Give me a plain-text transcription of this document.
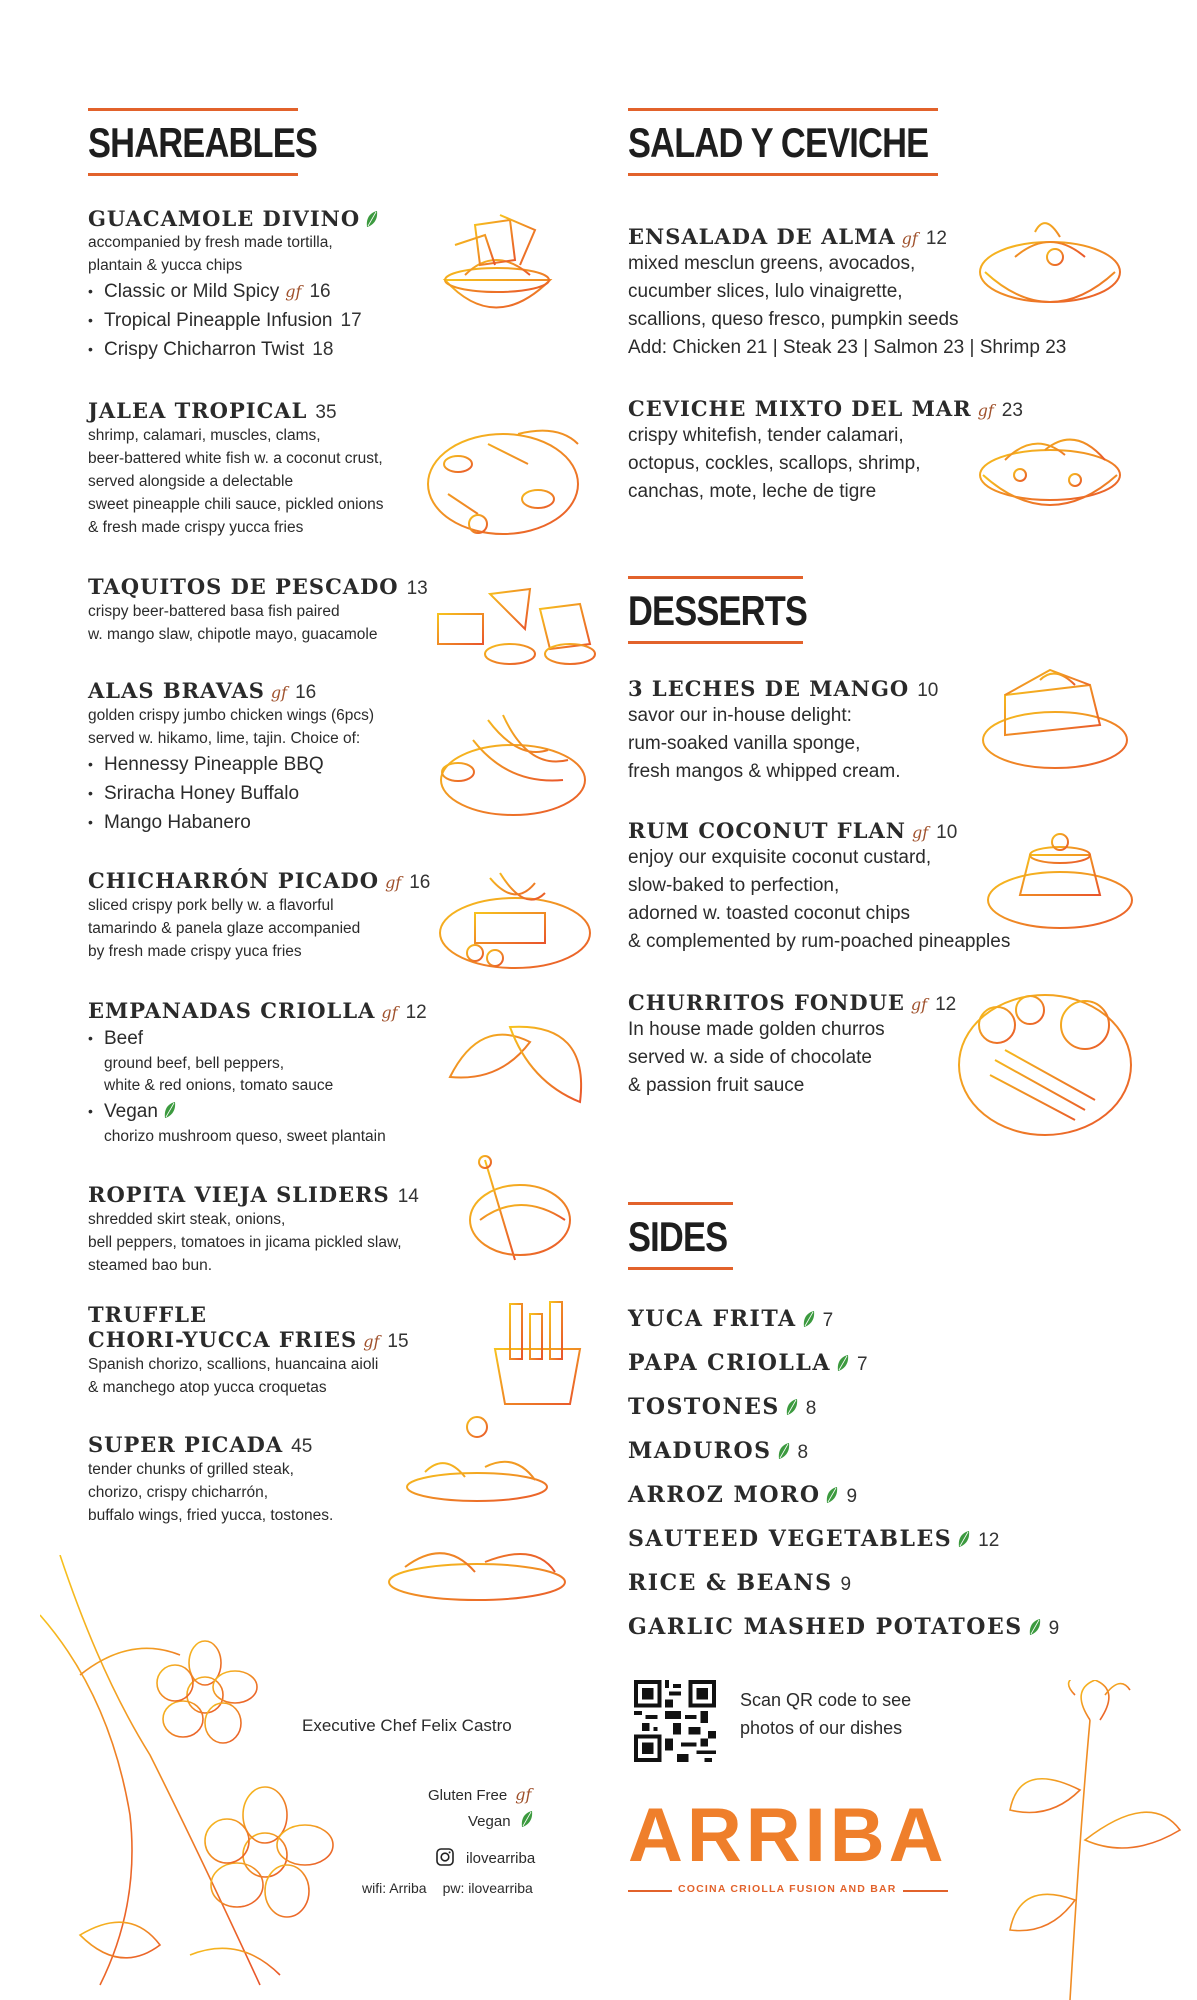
SHAREABLES
GUACAMOLE DIVINO
accompanied by fresh made tortilla, plantain & yucca chips
• Classic or Mild Spicy gf 16
• Tropical Pineapple Infusion 17
• Crispy Chicharron Twist 18
JALEA TROPICAL 35
shrimp, calamari, muscles, clams,
beer-battered white fish w. a coconut crust,
served alongside a delectable
sweet pineapple chili sauce, pickled onions
& fresh made crispy yucca fries
TAQUITOS DE PESCADO 13
crispy beer-battered basa fish paired
w. mango slaw, chipotle mayo, guacamole
ALAS BRAVAS gf 16
golden crispy jumbo chicken wings (6pcs)
served w. hikamo, lime, tajin. Choice of:
• Hennessy Pineapple BBQ
• Sriracha Honey Buffalo
• Mango Habanero
CHICHARRÓN PICADO gf 16
sliced crispy pork belly w. a flavorful
tamarindo & panela glaze accompanied
by fresh made crispy yuca fries
EMPANADAS CRIOLLA gf 12
• Beef
ground beef, bell peppers,
white & red onions, tomato sauce
• Vegan
chorizo mushroom queso, sweet plantain
ROPITA VIEJA SLIDERS 14
shredded skirt steak, onions,
bell peppers, tomatoes in jicama pickled slaw,
steamed bao bun.
TRUFFLE
CHORI-YUCCA FRIES gf 15
Spanish chorizo, scallions, huancaina aioli
& manchego atop yucca croquetas
SUPER PICADA 45
tender chunks of grilled steak,
chorizo, crispy chicharrón,
buffalo wings, fried yucca, tostones.
Executive Chef Felix Castro
Gluten Free gf
Vegan
ilovearriba
wifi: Arriba pw: ilovearriba
SALAD Y CEVICHE
ENSALADA DE ALMA gf 12
mixed mesclun greens, avocados,
cucumber slices, lulo vinaigrette,
scallions, queso fresco, pumpkin seeds
Add: Chicken 21 | Steak 23 | Salmon 23 | Shrimp 23
CEVICHE MIXTO DEL MAR gf 23
crispy whitefish, tender calamari,
octopus, cockles, scallops, shrimp,
canchas, mote, leche de tigre
DESSERTS
3 LECHES DE MANGO 10
savor our in-house delight:
rum-soaked vanilla sponge,
fresh mangos & whipped cream.
RUM COCONUT FLAN gf 10
enjoy our exquisite coconut custard,
slow-baked to perfection,
adorned w. toasted coconut chips
& complemented by rum-poached pineapples
CHURRITOS FONDUE gf 12
In house made golden churros
served w. a side of chocolate
& passion fruit sauce
SIDES
YUCA FRITA 7
PAPA CRIOLLA 7
TOSTONES 8
MADUROS 8
ARROZ MORO 9
SAUTEED VEGETABLES 12
RICE & BEANS 9
GARLIC MASHED POTATOES 9
Scan QR code to see
photos of our dishes
ARRIBA
COCINA CRIOLLA FUSION AND BAR
